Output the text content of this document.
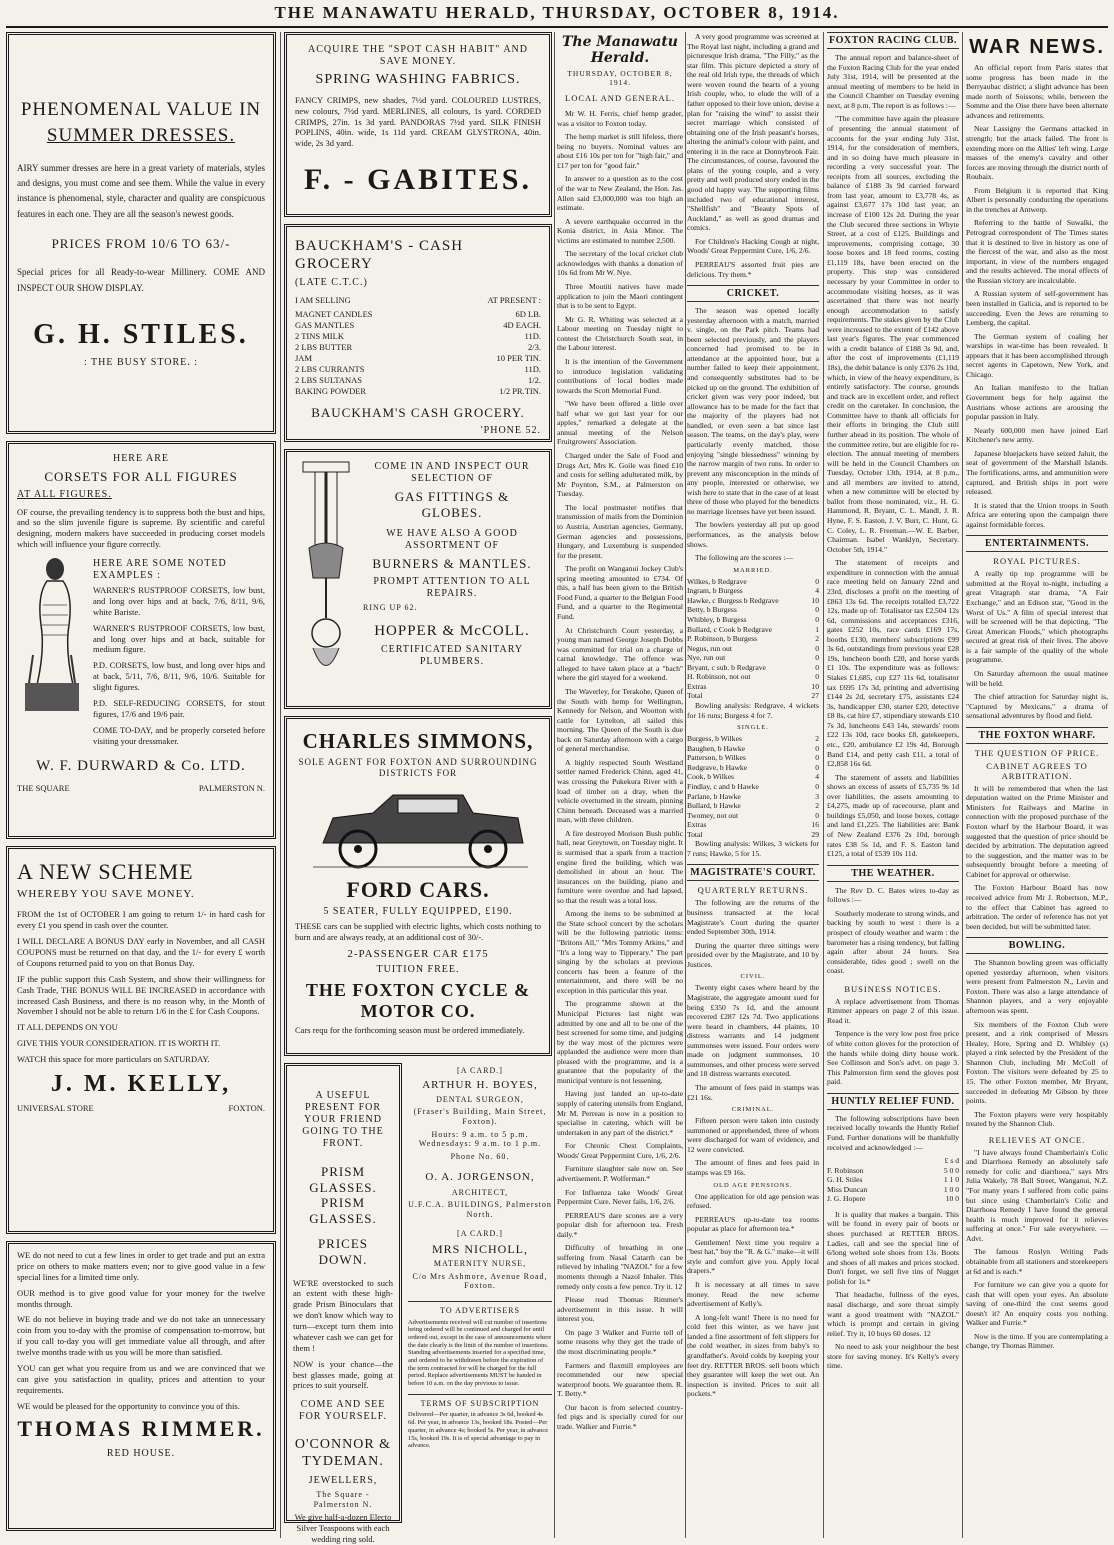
THE MANAWATU HERALD, THURSDAY, OCTOBER 8, 1914.
PHENOMENAL VALUE IN
SUMMER DRESSES.

AIRY summer dresses are here in a great variety of materials, styles and designs, you must come and see them. While the value in every instance is phenomenal, style, character and quality are conspicuous features in each one. They are all the season's newest goods.

PRICES FROM 10/6 TO 63/-

Special prices for all Ready-to-wear Millinery. COME AND INSPECT OUR SHOW DISPLAY.

G. H. STILES.
: THE BUSY STORE. :
HERE ARE
CORSETS FOR ALL FIGURES
AT ALL FIGURES.

OF course, the prevailing tendency is to suppress both the bust and hips, and so the slim juvenile figure is supreme. By scientific and careful designing, modern makers have succeeded in producing corset models which will influence your figure correctly.

HERE ARE SOME NOTED EXAMPLES :

WARNER'S RUSTPROOF CORSETS, low bust, and long over hips and at back, 7/6, 8/11, 9/6, white Bariste.

WARNER'S RUSTPROOF CORSETS, low bust, and long over hips and at back, suitable for medium figure.

P.D. CORSETS, low bust, and long over hips and at back, 5/11, 7/6, 8/11, 9/6, 10/6. Suitable for slight figures.

P.D. SELF-REDUCING CORSETS, for stout figures, 17/6 and 19/6 pair.

COME TO-DAY, and be properly corseted before visiting your dressmaker.

W. F. DURWARD & Co. LTD.
THE SQUARE	PALMERSTON N.
A NEW SCHEME
WHEREBY YOU SAVE MONEY.

FROM the 1st of OCTOBER I am going to return 1/- in hard cash for every £1 you spend in cash over the counter.

I WILL DECLARE A BONUS DAY early in November, and all CASH COUPONS must be returned on that day, and the 1/- for every £ worth of Coupons returned paid to you on that Bonus Day.

IF the public support this Cash System, and show their willingness for Cash Trade, THE BONUS WILL BE INCREASED in accordance with increased Cash Business, and there is no reason why, in the Month of November I should not be able to return 1/6 in the £ for Cash Coupons.

IT ALL DEPENDS ON YOU

GIVE THIS YOUR CONSIDERATION. IT IS WORTH IT.

WATCH this space for more particulars on SATURDAY.

J. M. KELLY,
UNIVERSAL STORE	FOXTON.

WE do not need to cut a few lines in order to get trade and put an extra price on others to make matters even; nor to give good value in a few special lines for a limited time only.

OUR method is to give good value for your money for the twelve months through.

WE do not believe in buying trade and we do not take an unnecessary coin from you to-day with the promise of compensation to-morrow, but if you call to-day you will get immediate value all through, and after twelve months trade with us you will be more than satisfied.

YOU can get what you require from us and we are convinced that we can give you satisfaction in quality, prices and attention to your requirements.

WE would be pleased for the opportunity to convince you of this.

THOMAS RIMMER.
RED HOUSE.
ACQUIRE THE "SPOT CASH HABIT" AND SAVE MONEY.
SPRING WASHING FABRICS.

FANCY CRIMPS, new shades, 7½d yard. COLOURED LUSTRES, new colours, 7½d yard. MERLINES, all colours, 1s yard. CORDED CRIMPS, 27in. 1s 3d yard. PANDORAS 7½d yard. SILK FINISH POPLINS, 40in. wide, 1s 11d yard. CREAM GLYSTRONA, 40in. wide, 2s 3d yard.

F. - GABITES.
BAUCKHAM'S - CASH GROCERY
(LATE C.T.C.)
I AM SELLING	AT PRESENT :
MAGNET CANDLES	6D LB.
GAS MANTLES	4D EACH.
2 TINS MILK	11D.
2 LBS BUTTER	2/3.
JAM	10 PER TIN.
2 LBS CURRANTS	11D.
2 LBS SULTANAS	1/2.
BAKING POWDER	1/2 PR.TIN.
BAUCKHAM'S CASH GROCERY.
'PHONE 52.
COME IN AND INSPECT OUR SELECTION OF
GAS FITTINGS & GLOBES.
WE HAVE ALSO A GOOD ASSORTMENT OF
BURNERS & MANTLES.
PROMPT ATTENTION TO ALL REPAIRS.
RING UP 62.
HOPPER & McCOLL.
CERTIFICATED SANITARY PLUMBERS.
CHARLES SIMMONS,
SOLE AGENT FOR FOXTON AND SURROUNDING DISTRICTS FOR
FORD CARS.
5 SEATER, FULLY EQUIPPED, £190.

THESE cars can be supplied with electric lights, which costs nothing to burn and are always ready, at an additional cost of 30/-.

2-PASSENGER CAR £175
TUITION FREE.
THE FOXTON CYCLE & MOTOR CO.

Cars requ for the forthcoming season must be ordered immediately.

A USEFUL PRESENT FOR YOUR FRIEND GOING TO THE FRONT.
PRISM GLASSES. PRISM GLASSES.
PRICES DOWN.

WE'RE overstocked to such an extent with these high-grade Prism Binoculars that we don't know which way to turn—except turn them into whatever cash we can get for them !

NOW is your chance—the best glasses made, going at prices to suit yourself.

COME AND SEE FOR YOURSELF.
O'CONNOR & TYDEMAN.
JEWELLERS,
The Square - Palmerston N.

We give half-a-dozen Electo Silver Teaspoons with each wedding ring sold.

[A CARD.]
ARTHUR H. BOYES,
DENTAL SURGEON,
(Fraser's Building, Main Street, Foxton).
Hours: 9 a.m. to 5 p.m. Wednesdays: 9 a.m. to 1 p.m.
Phone No. 60.
O. A. JORGENSON,
ARCHITECT,
U.F.C.A. BUILDINGS, Palmerston North.
[A CARD.]
MRS NICHOLL,
MATERNITY NURSE,
C/o Mrs Ashmore, Avenue Road, Foxton.
TO ADVERTISERS

Advertisements received will cut number of insertions being ordered will be continued and charged for until ordered out, except in the case of announcements where the date clearly is the limit of the number of insertions. Standing advertisements inserted for a specified time, and ordered to be withdrawn before the expiration of the term contracted for will be charged for the full period. Replace advertisements MUST be handed in before 10 a.m. on the day previous to issue.

TERMS OF SUBSCRIPTION

Delivered—Per quarter, in advance 3s 6d, booked 4s 6d. Per year, in advance 13s, booked 18s. Posted—Per quarter, in advance 4s; booked 5s. Per year, in advance 15s, booked 19s. It is of special advantage to pay in advance.

The Manawatu Herald.
THURSDAY, OCTOBER 8, 1914.
LOCAL AND GENERAL.

Mr W. H. Ferris, chief hemp grader, was a visitor to Foxton today.

The hemp market is still lifeless, there being no buyers. Nominal values are about £16 10s per ton for "high fair," and £17 per ton for "good fair."

In answer to a question as to the cost of the war to New Zealand, the Hon. Jas. Allen said £3,000,000 was too high an estimate.

A severe earthquake occurred in the Konia district, in Asia Minor. The victims are estimated to number 2,500.

The secretary of the local cricket club acknowledges with thanks a donation of 10s 6d from Mr W. Nye.

Three Moutiti natives have made application to join the Maori contingent that is to be sent to Egypt.

Mr G. R. Whiting was selected at a Labour meeting on Tuesday night to contest the Christchurch South seat, in the Labour interest.

It is the intention of the Government to introduce legislation validating contributions of local bodies made towards the Scott Memorial Fund.

"We have been offered a little over half what we got last year for our apples," remarked a delegate at the annual meeting of the Nelson Fruitgrowers' Association.

Charged under the Sale of Food and Drugs Act, Mrs K. Goile was fined £10 and costs for selling adulterated milk, by Mr Poynton, S.M., at Palmerston on Tuesday.

The local postmaster notifies that transmission of mails from the Dominion to Austria, Austrian agencies, Germany, German agencies and possessions, Hungary, and Luxemburg is suspended for the present.

The profit on Wanganui Jockey Club's spring meeting amounted to £734. Of this, a half has been given to the British Food Fund, a quarter to the Belgian Food Fund, and a quarter to the Regimental Fund.

At Christchurch Court yesterday, a young man named George Joseph Dobbs was committed for trial on a charge of carnal knowledge. The offence was alleged to have taken place at a "bach" where the girl stayed for a weekend.

The Waverley, for Terakohe, Queen of the South with hemp for Wellington, Kennedy for Nelson, and Wootton with cattle for Lyttelton, all sailed this morning. The Queen of the South is due back on Saturday afternoon with a cargo of general merchandise.

A highly respected South Westland settler named Frederick Chinn, aged 41, was crossing the Pukekura River with a load of timber on a dray, when the vehicle overturned in the stream, pinning Chinn beneath. Deceased was a married man, with three children.

A fire destroyed Morison Bush public hall, near Greytown, on Tuesday night. It is surmised that a spark from a traction engine fired the building, which was demolished in about an hour. The insurances on the building, piano and furniture were overdue and had lapsed, so that the result was a total loss.

Among the items to be submitted at the State school concert by the scholars will be the following patriotic items: "Britons All," "Mrs Tommy Atkins," and "It's a long way to Tipperary." The part singing by the scholars at previous concerts has been a feature of the entertainment, and there will be no exception in this particular this year.

The programme shown at the Municipal Pictures last night was admitted by one and all to be one of the best screened for some time, and judging by the way most of the pictures were applauded the audience were more than pleased with the programme, and is a guarantee that the popularity of the municipal venture is not lessening.

Having just landed an up-to-date supply of catering utensils from England, Mr M. Perreau is now in a position to specialise in catering, which will be undertaken in any part of the district.*

For Chronic Chest Complaints, Woods' Great Peppermint Cure, 1/6, 2/6.

Furniture slaughter sale now on. See advertisement. P. Wolferman.*

For Influenza take Woods' Great Peppermint Cure. Never fails, 1/6, 2/6.

PERREAU'S dare scones are a very popular dish for afternoon tea. Fresh daily.*

Difficulty of breathing in one suffering from Nasal Catarrh can be relieved by inhaling "NAZOL" for a few moments through a Nazol Inhaler. This remedy only costs a few pence. Try it. 12

Please read Thomas Rimmer's advertisement in this issue. It will interest you.

On page 3 Walker and Furrie tell of some reasons why they get the trade of the most discriminating people.*

Farmers and flaxmill employees are recommended our new special waterproof boots. We guarantee them. R. T. Betty.*

Our bacon is from selected country-fed pigs and is specially cured for our trade. Walker and Furrie.*

A very good programme was screened at The Royal last night, including a grand and picturesque Irish drama, "The Filly," as the star film. This picture depicted a story of the real old Irish type, the threads of which were woven round the hearts of a young Irish couple, who, to elude the will of a father opposed to their love union, devise a plan for "raising the wind" to assist their secret marriage which consisted of obtaining one of the Irish peasant's horses, altering the animal's colour with paint, and entering it in the race at Donnybrook Fair. The circumstances, of course, favoured the plans of the young couple, and a very pretty and well produced story ended in the good old happy way. The supporting films included two of educational interest, "Shellfish" and "Beauty Spots of Auckland," as well as good dramas and comics.

For Children's Hacking Cough at night, Woods' Great Peppermint Cure, 1/6, 2/6.

PERREAU'S assorted fruit pies are delicious. Try them.*

CRICKET.

The season was opened locally yesterday afternoon with a match, married v. single, on the Park pitch. Teams had been selected previously, and the players concerned had promised to be in attendance at the appointed hour, but a number failed to keep their appointment, and consequently substitutes had to be picked up on the ground. The exhibition of cricket given was very poor indeed, but allowance has to be made for the fact that the majority of the players had not handled, or even seen a bat since last season. The teams, on the day's play, were particularly evenly matched, those enjoying "single blessedness" winning by the narrow margin of two runs. In order to prevent any misconception in the minds of any people, interested or otherwise, we wish here to state that in the case of at least three of those who played for the benedicts no marriage licenses have yet been issued.

The bowlers yesterday all put up good performances, as the analysis below shows.

The following are the scores :—

MARRIED.
Wilkes, b Redgrave	0
Ingram, b Burgess	4
Hawke, c Burgess b Redgrave	10
Betty, b Burgess	0
Whibley, b Burgess	0
Bullard, c Cook b Redgrave	1
P. Robinson, b Burgess	2
Negus, run out	0
Nye, run out	0
Bryant, c sub. b Redgrave	0
H. Robinson, not out	0
Extras	10
Total	27

Bowling analysis: Redgrave, 4 wickets for 16 runs; Burgess 4 for 7.

SINGLE.
Burgess, b Wilkes	2
Baughen, b Hawke	0
Patterson, b Wilkes	0
Redgrave, b Hawke	0
Cook, b Wilkes	4
Findlay, c and b Hawke	0
Parlane, b Hawke	3
Bullard, b Hawke	2
Twomey, not out	0
Extras	16
Total	29

Bowling analysis: Wilkes, 3 wickets for 7 runs; Hawke, 5 for 15.

MAGISTRATE'S COURT.
QUARTERLY RETURNS.

The following are the returns of the business transacted at the local Magistrate's Court during the quarter ended September 30th, 1914.

During the quarter three sittings were presided over by the Magistrate, and 10 by Justices.

CIVIL.

Twenty eight cases where heard by the Magistrate, the aggregate amount sued for being £350 7s 1d, and the amount recovered £287 12s 7d. Two applications were heard in chambers, 44 plaints, 10 distress warrants and 14 judgment summonses were issued. Four orders were made on judgment summonses, 10 summonses, and other process were served and 18 distress warrants executed.

The amount of fees paid in stamps was £21 16s.

CRIMINAL.

Fifteen person were taken into custody summoned or apprehended, three of whom were discharged for want of evidence, and 12 were convicted.

The amount of fines and fees paid in stamps was £9 16s.

OLD AGE PENSIONS.

One application for old age pension was refused.

PERREAU'S up-to-date tea rooms popular as place for afternoon tea.*

Gentlemen! Next time you require a "best hat," buy the "R. & G." make—it will style and comfort give you. Apply local drapers.*

It is necessary at all times to save money. Read the new scheme advertisement of Kelly's.

A long-felt want! There is no need for cold feet this winter, as we have just landed a fine assortment of felt slippers for the cold weather, in sizes from baby's to grandfather's. Avoid colds by keeping your feet dry. RETTER BROS. sell boots which they guarantee will keep the wet out. An inspection is invited. Prices to suit all pockets.*

FOXTON RACING CLUB.

The annual report and balance-sheet of the Foxton Racing Club for the year ended July 31st, 1914, will be presented at the annual meeting of members to be held in the Council Chamber on Tuesday evening next, at 8 p.m. The report is as follows :—

"The committee have again the pleasure of presenting the annual statement of accounts for the year ending July 31st, 1914, for the consideration of members, and in so doing have much pleasure in recording a very successful year. The receipts from all sources, excluding the balance of £188 3s 9d carried forward from last year, amount to £3,778 4s, as against £3,677 17s 10d last year, an increase of £100 12s 2d. During the year the Club secured three sections in Whyte Street, at a cost of £125. Buildings and improvements, comprising cottage, 30 loose boxes and 18 feed rooms, costing £1,119 18s, have been erected on the property. This step was considered necessary by your Committee in order to accommodate visiting horses, as it was ascertained that there was not nearly enough accommodation to satisfy requirements. The stakes given by the Club were increased to the extent of £142 above last year's figures. The year commenced with a credit balance of £188 3s 9d, and, after the cost of improvements (£1,119 18s), the debit balance is only £376 2s 10d, which, in view of the heavy expenditure, is entirely satisfactory. The course, grounds and track are in excellent order, and reflect credit on the caretaker. In conclusion, the Committee have to thank all officials for their efforts in bringing the Club still further ahead in its position. The whole of the committee retire, but are eligible for re-election. The annual meeting of members will be held in the Council Chambers on Tuesday, October 13th, 1914, at 8 p.m., and all members are invited to attend, when a new committee will be elected by ballot from those nominated, viz., H. G. Hammond, R. Bryant, C. L. Mandl, J. R. Hyne, F. S. Easton, J. V. Burr, C. Hunt, G. C. Coley, L. R. Freeman.—W. E. Barber, Chairman. Isabel Wanklyn, Secretary. October 5th, 1914."

The statement of receipts and expenditure in connection with the annual race meeting held on January 22nd and 23rd, discloses a profit on the meeting of £863 13s 6d. The receipts totalled £3,722 12s, made up of: Totalisator tax £2,504 12s 6d, commissions and acceptances £316, gates £252 10s, race cards £169 17s, booths £130, members' subscriptions £99 3s 6d, outstandings from previous year £28 19s, luncheon booth £20, and horse yards £1 10s. The expenditure was as follows: Stakes £1,685, cup £27 11s 6d, totalisator tax £695 17s 3d, printing and advertising £144 2s 2d, secretary £75, assistants £24 3s, handicapper £30, starter £20, detective £8 8s, cat hire £7, stipendiary stewards £10 7s 3d, luncheons £43 14s, stewards' room £22 13s 10d, race books £8, gatekeepers, etc., £20, ambulance £2 19s 4d, Borough Band £14, and petty cash £11, a total of £2,858 16s 6d.

The statement of assets and liabilities shows an excess of assets of £5,735 9s 1d over liabilities, the assets amounting to £4,275, made up of racecourse, plant and buildings £5,050, and loose boxes, cottage and land £1,225. The liabilities are: Bank of New Zealand £376 2s 10d, borough rates £38 5s 1d, and F. S. Easton land £125, a total of £539 10s 11d.

THE WEATHER.

The Rev D. C. Bates wires to-day as follows :—

Southerly moderate to strong winds, and backing by south to west : there is a prospect of cloudy weather and warm : the barometer has a rising tendency, but falling again after about 24 hours. Sea considerable, tides good ; swell on the coast.

BUSINESS NOTICES.

A replace advertisement from Thomas Rimmer appears on page 2 of this issue. Read it.

Tenpence is the very low post free price of white cotton gloves for the protection of the hands while doing dirty house work. See Collinson and Son's advt. on page 3. This Palmerston firm send the gloves post paid.

HUNTLY RELIEF FUND.

The following subscriptions have been received locally towards the Huntly Relief Fund. Further donations will be thankfully received and acknowledged :—

£ s d
F. Robinson	5 0 0
G. H. Stiles	1 1 0
Miss Duncan	1 0 0
J. G. Hopere	10 0

It is quality that makes a bargain. This will be found in every pair of boots or shoes purchased at RETTER BROS. Ladies, call and see the special line of 6/long welted sole shoes from 13s. Boots and shoes of all makes and prices stocked. Don't forget, we sell five tins of Nugget polish for 1s.*

That headache, fullness of the eyes, nasal discharge, and sore throat simply want a good treatment with "NAZOL" which is prompt and certain in giving relief. Try it, 10 buys 60 doses. 12

No need to ask your neighbour the best store for saving money. It's Kelly's every time.

WAR NEWS.

An official report from Paris states that some progress has been made in the Berryaubac district; a slight advance has been made north of Soissons; while, between the Somme and the Oise there have been alternate advances and retirements.

Near Lassigny the Germans attacked in strength; but the attack failed. The front is extending more on the Allies' left wing. Large masses of the enemy's cavalry and other forces are moving through the district north of Roubaix.

From Belgium it is reported that King Albert is personally conducting the operations in the trenches at Antwerp.

Referring to the battle of Suwalki, the Petrograd correspondent of The Times states that it is destined to live in history as one of the fiercest of the war, and also as the most important, in view of the numbers engaged and the results achieved. The moral effects of the Russian victory are incalculable.

A Russian system of self-government has been installed in Galicia, and is reported to be succeeding. Even the Jews are returning to Lemberg, the capital.

The German system of coaling her warships in war-time has been revealed. It appears that it has been accomplished through secret agents in Capetown, New York, and Chicago.

An Italian manifesto to the Italian Government begs for help against the Austrians whose actions are arousing the popular passion in Italy.

Nearly 600,000 men have joined Earl Kitchener's new army.

Japanese bluejackets have seized Jaluit, the seat of government of the Marshall Islands. The fortifications, arms, and ammunition were captured, and British ships in port were released.

It is stated that the Union troops in South Africa are entering upon the campaign there against formidable forces.

ENTERTAINMENTS.
ROYAL PICTURES.

A really tip top programme will be submitted at the Royal to-night, including a great Vitagraph star drama, "A Fair Exchange," and an Edison star, "Good in the Worst of Us." A film of special interest that will be screened will be that depicting, "The Great American Floods," which photographs secured at great risk of their lives. The above is a fair sample of the quality of the whole programme.

On Saturday afternoon the usual matinee will be held.

The chief attraction for Saturday night is, "Captured by Mexicans," a drama of sensational adventures by flood and field.

THE FOXTON WHARF.
THE QUESTION OF PRICE.
CABINET AGREES TO ARBITRATION.

It will be remembered that when the last deputation waited on the Prime Minister and Ministers for Railways and Marine in connection with the proposed purchase of the Foxton wharf by the Harbour Board, it was suggested that the question of price should be decided by arbitration. The deputation agreed to the suggestion, and the matter was to be subsequently brought before a meeting of Cabinet for approval or otherwise.

The Foxton Harbour Board has now received advice from Mr J. Robertson, M.P., to the effect that Cabinet has agreed to arbitration. The order of reference has not yet been decided, but will be submitted later.

BOWLING.

The Shannon bowling green was officially opened yesterday afternoon, when visitors were present from Palmerston N., Levin and Foxton. There was also a large attendance of Shannon players, and a very enjoyable afternoon was spent.

Six members of the Foxton Club were present, and a rink comprised of Messrs Healey, Hore, Spring and D. Whibley (s) played a rink selected by the President of the Shannon Club, including Mr McColl of Foxton. The visitors were defeated by 25 to 15. The other Foxton member, Mr Bryant, succeeded in defeating Mr Gibson by three points.

The Foxton players were very hospitably treated by the Shannon Club.

RELIEVES AT ONCE.

"I have always found Chamberlain's Colic and Diarrhoea Remedy an absolutely safe remedy for colic and diarrhoea," says Mrs Julia Wakely, 78 Ball Street, Wanganui, N.Z. "For many years I suffered from colic pains but since using Chamberlain's Colic and Diarrhoea Remedy I have found the general health is much improved for it relieves suffering at once." For sale everywhere. —Advt.

The famous Roslyn Writing Pads obtainable from all stationers and storekeepers at 6d and is each.*

For furniture we can give you a quote for cash that will open your eyes. An absolute saving of one-third the cost seems good doesn't it? An enquiry costs you nothing. Walker and Furrie.*

Now is the time. If you are contemplating a change, try Thomas Rimmer.
